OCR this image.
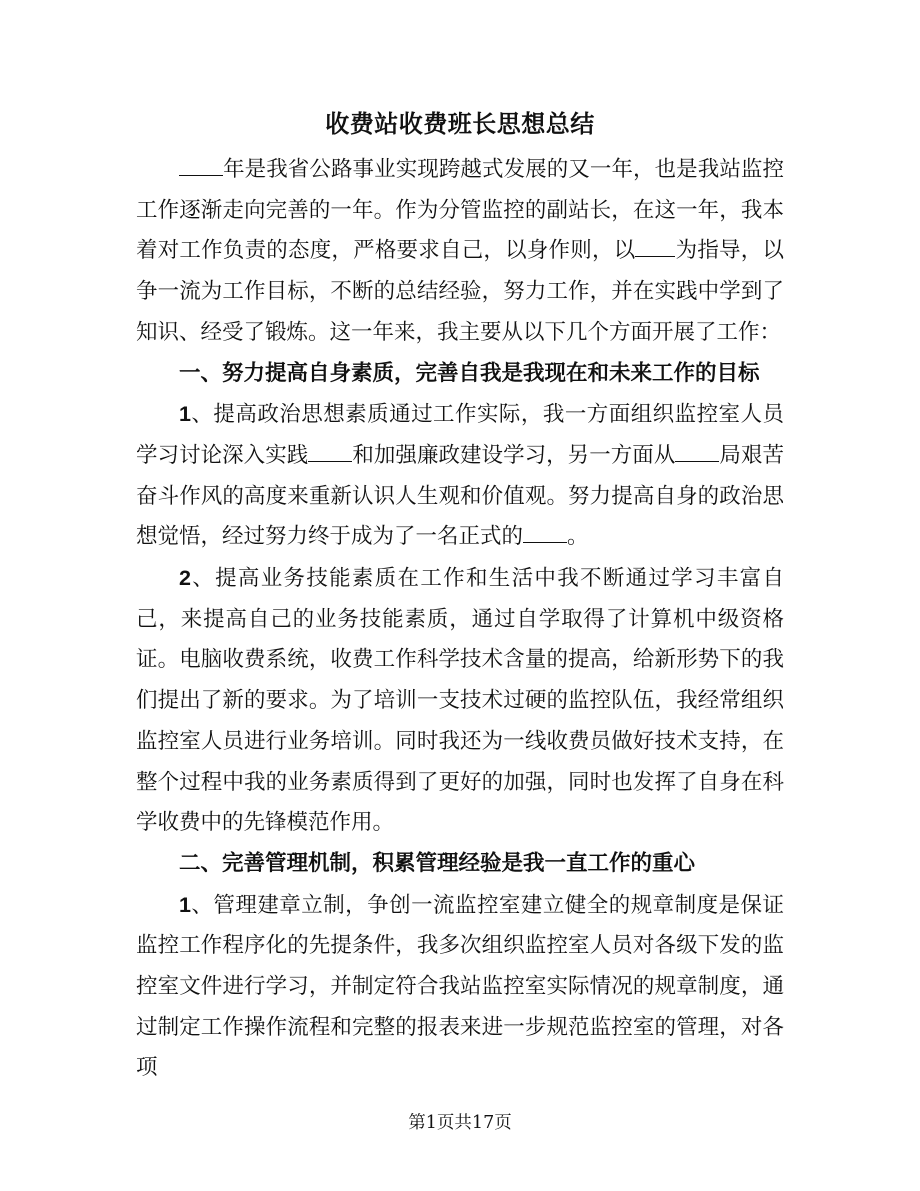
收费站收费班长思想总结

年是我省公路事业实现跨越式发展的又一年，也是我站监控工作逐渐走向完善的一年。作为分管监控的副站长，在这一年，我本着对工作负责的态度，严格要求自己，以身作则，以 为指导，以争一流为工作目标，不断的总结经验，努力工作，并在实践中学到了知识、经受了锻炼。这一年来，我主要从以下几个方面开展了工作：

一、努力提高自身素质，完善自我是我现在和未来工作的目标

1、提高政治思想素质通过工作实际，我一方面组织监控室人员学习讨论深入实践 和加强廉政建设学习，另一方面从 局艰苦奋斗作风的高度来重新认识人生观和价值观。努力提高自身的政治思想觉悟，经过努力终于成为了一名正式的 。

2、提高业务技能素质在工作和生活中我不断通过学习丰富自己，来提高自己的业务技能素质，通过自学取得了计算机中级资格证。电脑收费系统，收费工作科学技术含量的提高，给新形势下的我们提出了新的要求。为了培训一支技术过硬的监控队伍，我经常组织监控室人员进行业务培训。同时我还为一线收费员做好技术支持，在整个过程中我的业务素质得到了更好的加强，同时也发挥了自身在科学收费中的先锋模范作用。

二、完善管理机制，积累管理经验是我一直工作的重心

1、管理建章立制，争创一流监控室建立健全的规章制度是保证监控工作程序化的先提条件，我多次组织监控室人员对各级下发的监控室文件进行学习，并制定符合我站监控室实际情况的规章制度，通过制定工作操作流程和完整的报表来进一步规范监控室的管理，对各项

第1页共17页
